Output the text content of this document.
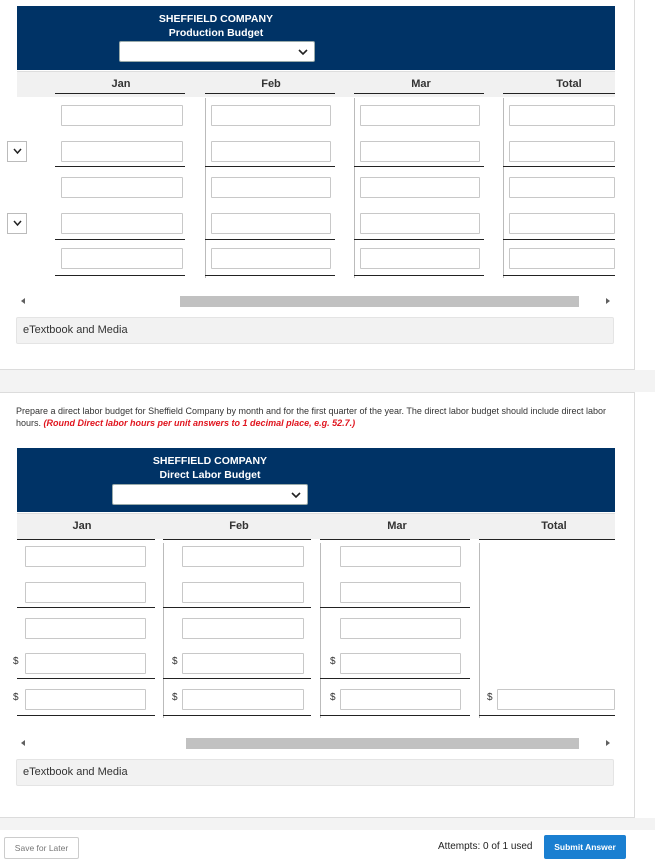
SHEFFIELD COMPANY
Production Budget
Jan	Feb	Mar	Total
eTextbook and Media
Prepare a direct labor budget for Sheffield Company by month and for the first quarter of the year. The direct labor budget should include direct labor hours. (Round Direct labor hours per unit answers to 1 decimal place, e.g. 52.7.)
SHEFFIELD COMPANY
Direct Labor Budget
Jan	Feb	Mar	Total
$	$	$
$	$	$	$
eTextbook and Media
Save for Later	Attempts: 0 of 1 used	Submit Answer
